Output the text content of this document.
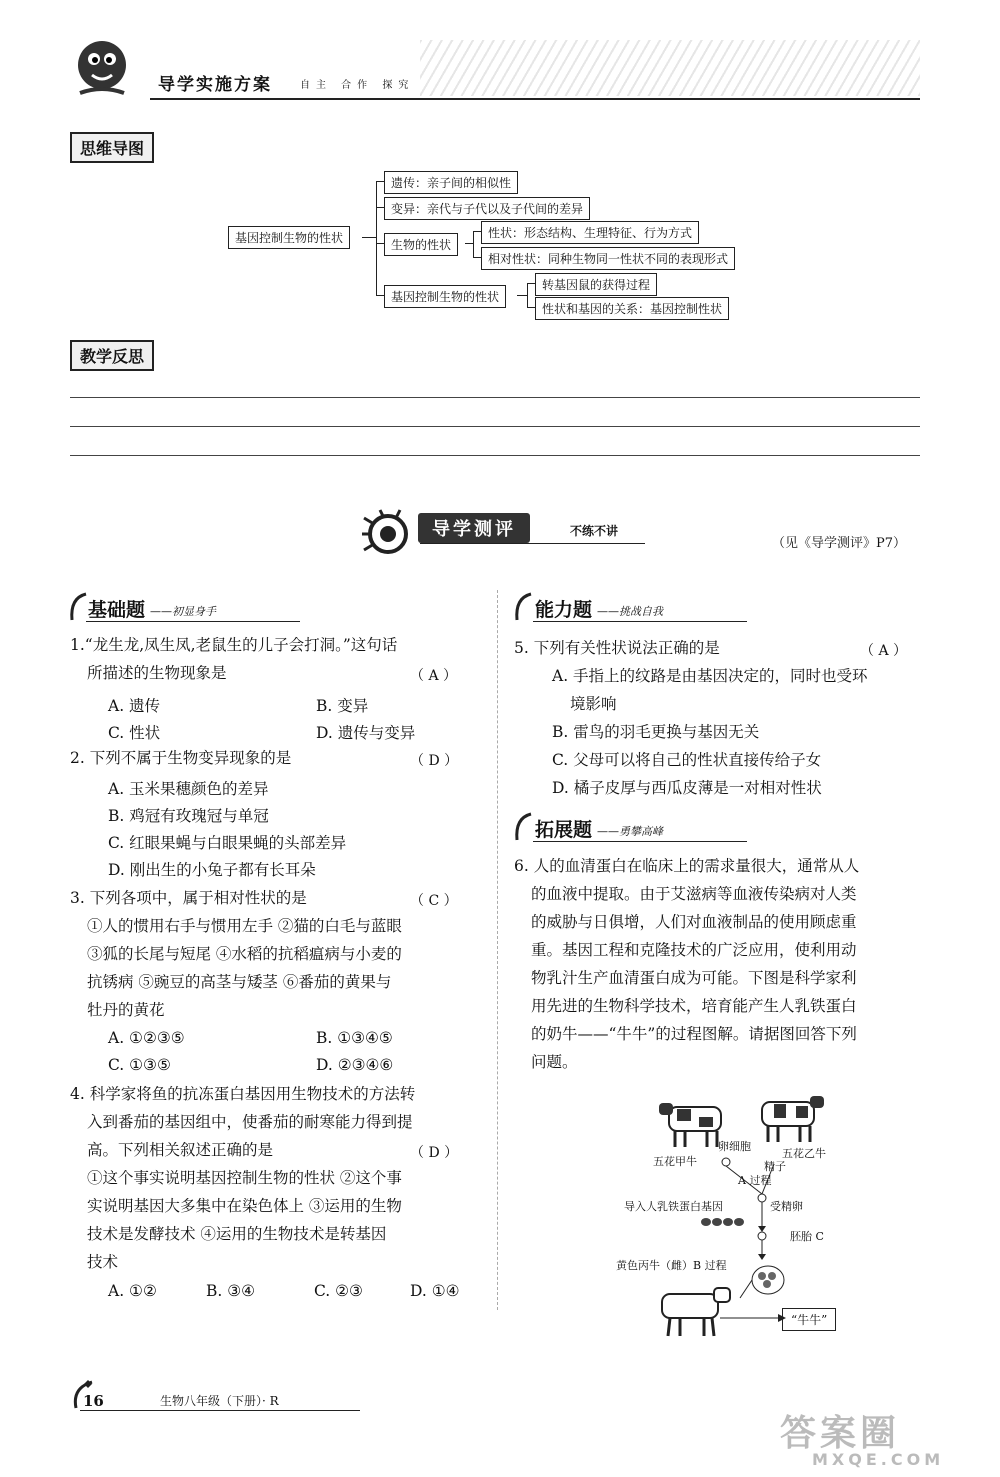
导学实施方案	自主 合作 探究
思维导图
基因控制生物的性状
遗传：亲子间的相似性
变异：亲代与子代以及子代间的差异
生物的性状
性状：形态结构、生理特征、行为方式
相对性状：同种生物同一性状不同的表现形式
基因控制生物的性状
转基因鼠的获得过程
性状和基因的关系：基因控制性状
教学反思
导学测评	不练不讲
（见《导学测评》P7）
基础题 ——初显身手
1.“龙生龙,凤生凤,老鼠生的儿子会打洞。”这句话
所描述的生物现象是	（ A ）
A. 遗传	B. 变异
C. 性状	D. 遗传与变异
2. 下列不属于生物变异现象的是	（ D ）
A. 玉米果穗颜色的差异
B. 鸡冠有玫瑰冠与单冠
C. 红眼果蝇与白眼果蝇的头部差异
D. 刚出生的小兔子都有长耳朵
3. 下列各项中，属于相对性状的是	（ C ）
①人的惯用右手与惯用左手 ②猫的白毛与蓝眼
③狐的长尾与短尾 ④水稻的抗稻瘟病与小麦的
抗锈病 ⑤豌豆的高茎与矮茎 ⑥番茄的黄果与
牡丹的黄花
A. ①②③⑤	B. ①③④⑤
C. ①③⑤	D. ②③④⑥
4. 科学家将鱼的抗冻蛋白基因用生物技术的方法转
入到番茄的基因组中，使番茄的耐寒能力得到提
高。下列相关叙述正确的是	（ D ）
①这个事实说明基因控制生物的性状 ②这个事
实说明基因大多集中在染色体上 ③运用的生物
技术是发酵技术 ④运用的生物技术是转基因
技术
A. ①②	B. ③④	C. ②③	D. ①④
能力题 ——挑战自我
5. 下列有关性状说法正确的是	（ A ）
A. 手指上的纹路是由基因决定的，同时也受环
境影响
B. 雷鸟的羽毛更换与基因无关
C. 父母可以将自己的性状直接传给子女
D. 橘子皮厚与西瓜皮薄是一对相对性状
拓展题 ——勇攀高峰
6. 人的血清蛋白在临床上的需求量很大，通常从人
的血液中提取。由于艾滋病等血液传染病对人类
的威胁与日俱增，人们对血液制品的使用顾虑重
重。基因工程和克隆技术的广泛应用，使利用动
物乳汁生产血清蛋白成为可能。下图是科学家利
用先进的生物科学技术，培育能产生人乳铁蛋白
的奶牛——“牛牛”的过程图解。请据图回答下列
问题。
五花甲牛
卵细胞
精子
五花乙牛
A 过程
导入人乳铁蛋白基因	受精卵
胚胎 C
黄色丙牛（雌）B 过程
“牛牛”
16	生物八年级（下册）· R
答案圈
MXQE.COM
